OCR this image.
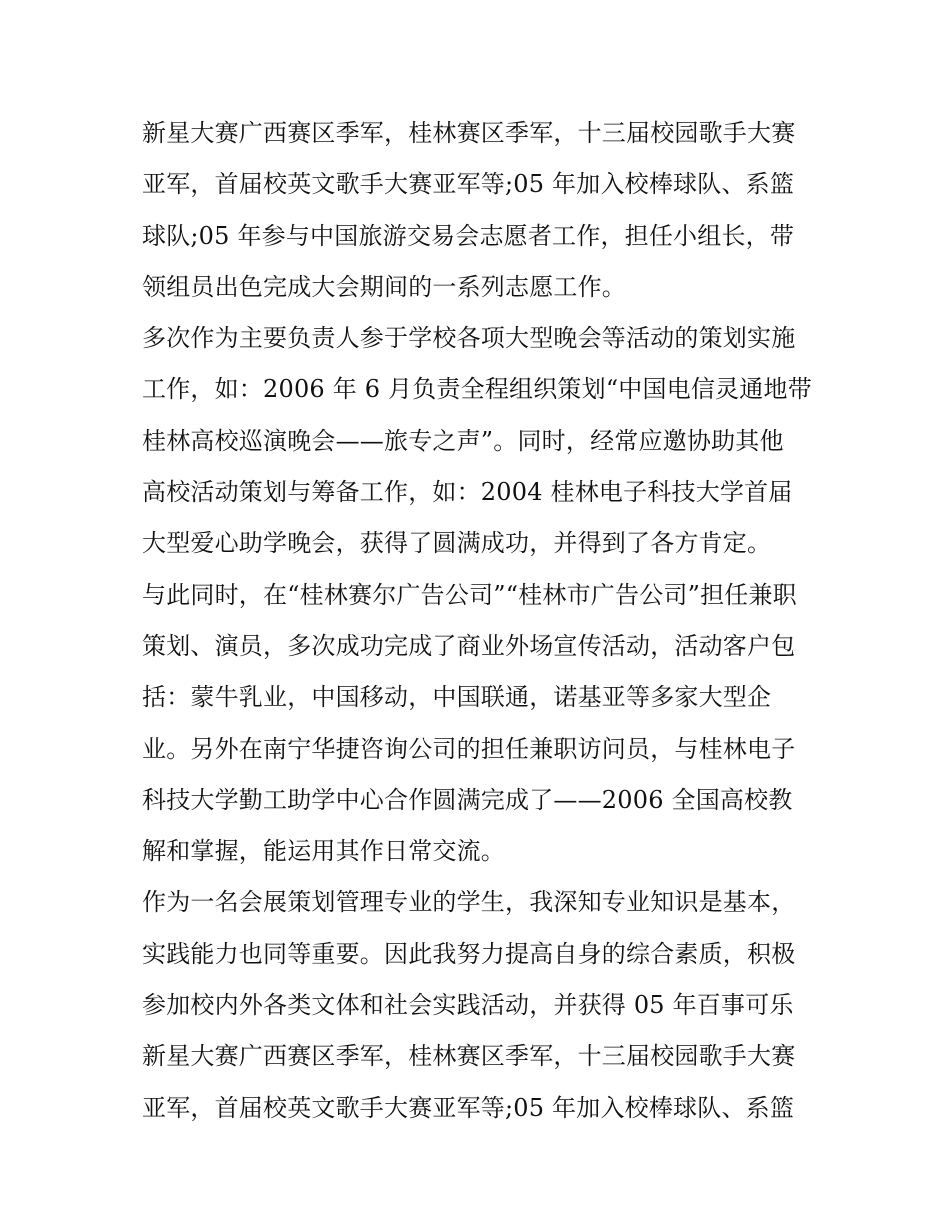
新星大赛广西赛区季军，桂林赛区季军，十三届校园歌手大赛
亚军，首届校英文歌手大赛亚军等;05 年加入校棒球队、系篮
球队;05 年参与中国旅游交易会志愿者工作，担任小组长，带
领组员出色完成大会期间的一系列志愿工作。
多次作为主要负责人参于学校各项大型晚会等活动的策划实施
工作，如：2006 年 6 月负责全程组织策划“中国电信灵通地带
桂林高校巡演晚会——旅专之声”。同时，经常应邀协助其他
高校活动策划与筹备工作，如：2004 桂林电子科技大学首届
大型爱心助学晚会，获得了圆满成功，并得到了各方肯定。
与此同时，在“桂林赛尔广告公司”“桂林市广告公司”担任兼职
策划、演员，多次成功完成了商业外场宣传活动，活动客户包
括：蒙牛乳业，中国移动，中国联通，诺基亚等多家大型企
业。另外在南宁华捷咨询公司的担任兼职访问员，与桂林电子
科技大学勤工助学中心合作圆满完成了——2006 全国高校教
解和掌握，能运用其作日常交流。
作为一名会展策划管理专业的学生，我深知专业知识是基本，
实践能力也同等重要。因此我努力提高自身的综合素质，积极
参加校内外各类文体和社会实践活动，并获得 05 年百事可乐
新星大赛广西赛区季军，桂林赛区季军，十三届校园歌手大赛
亚军，首届校英文歌手大赛亚军等;05 年加入校棒球队、系篮
